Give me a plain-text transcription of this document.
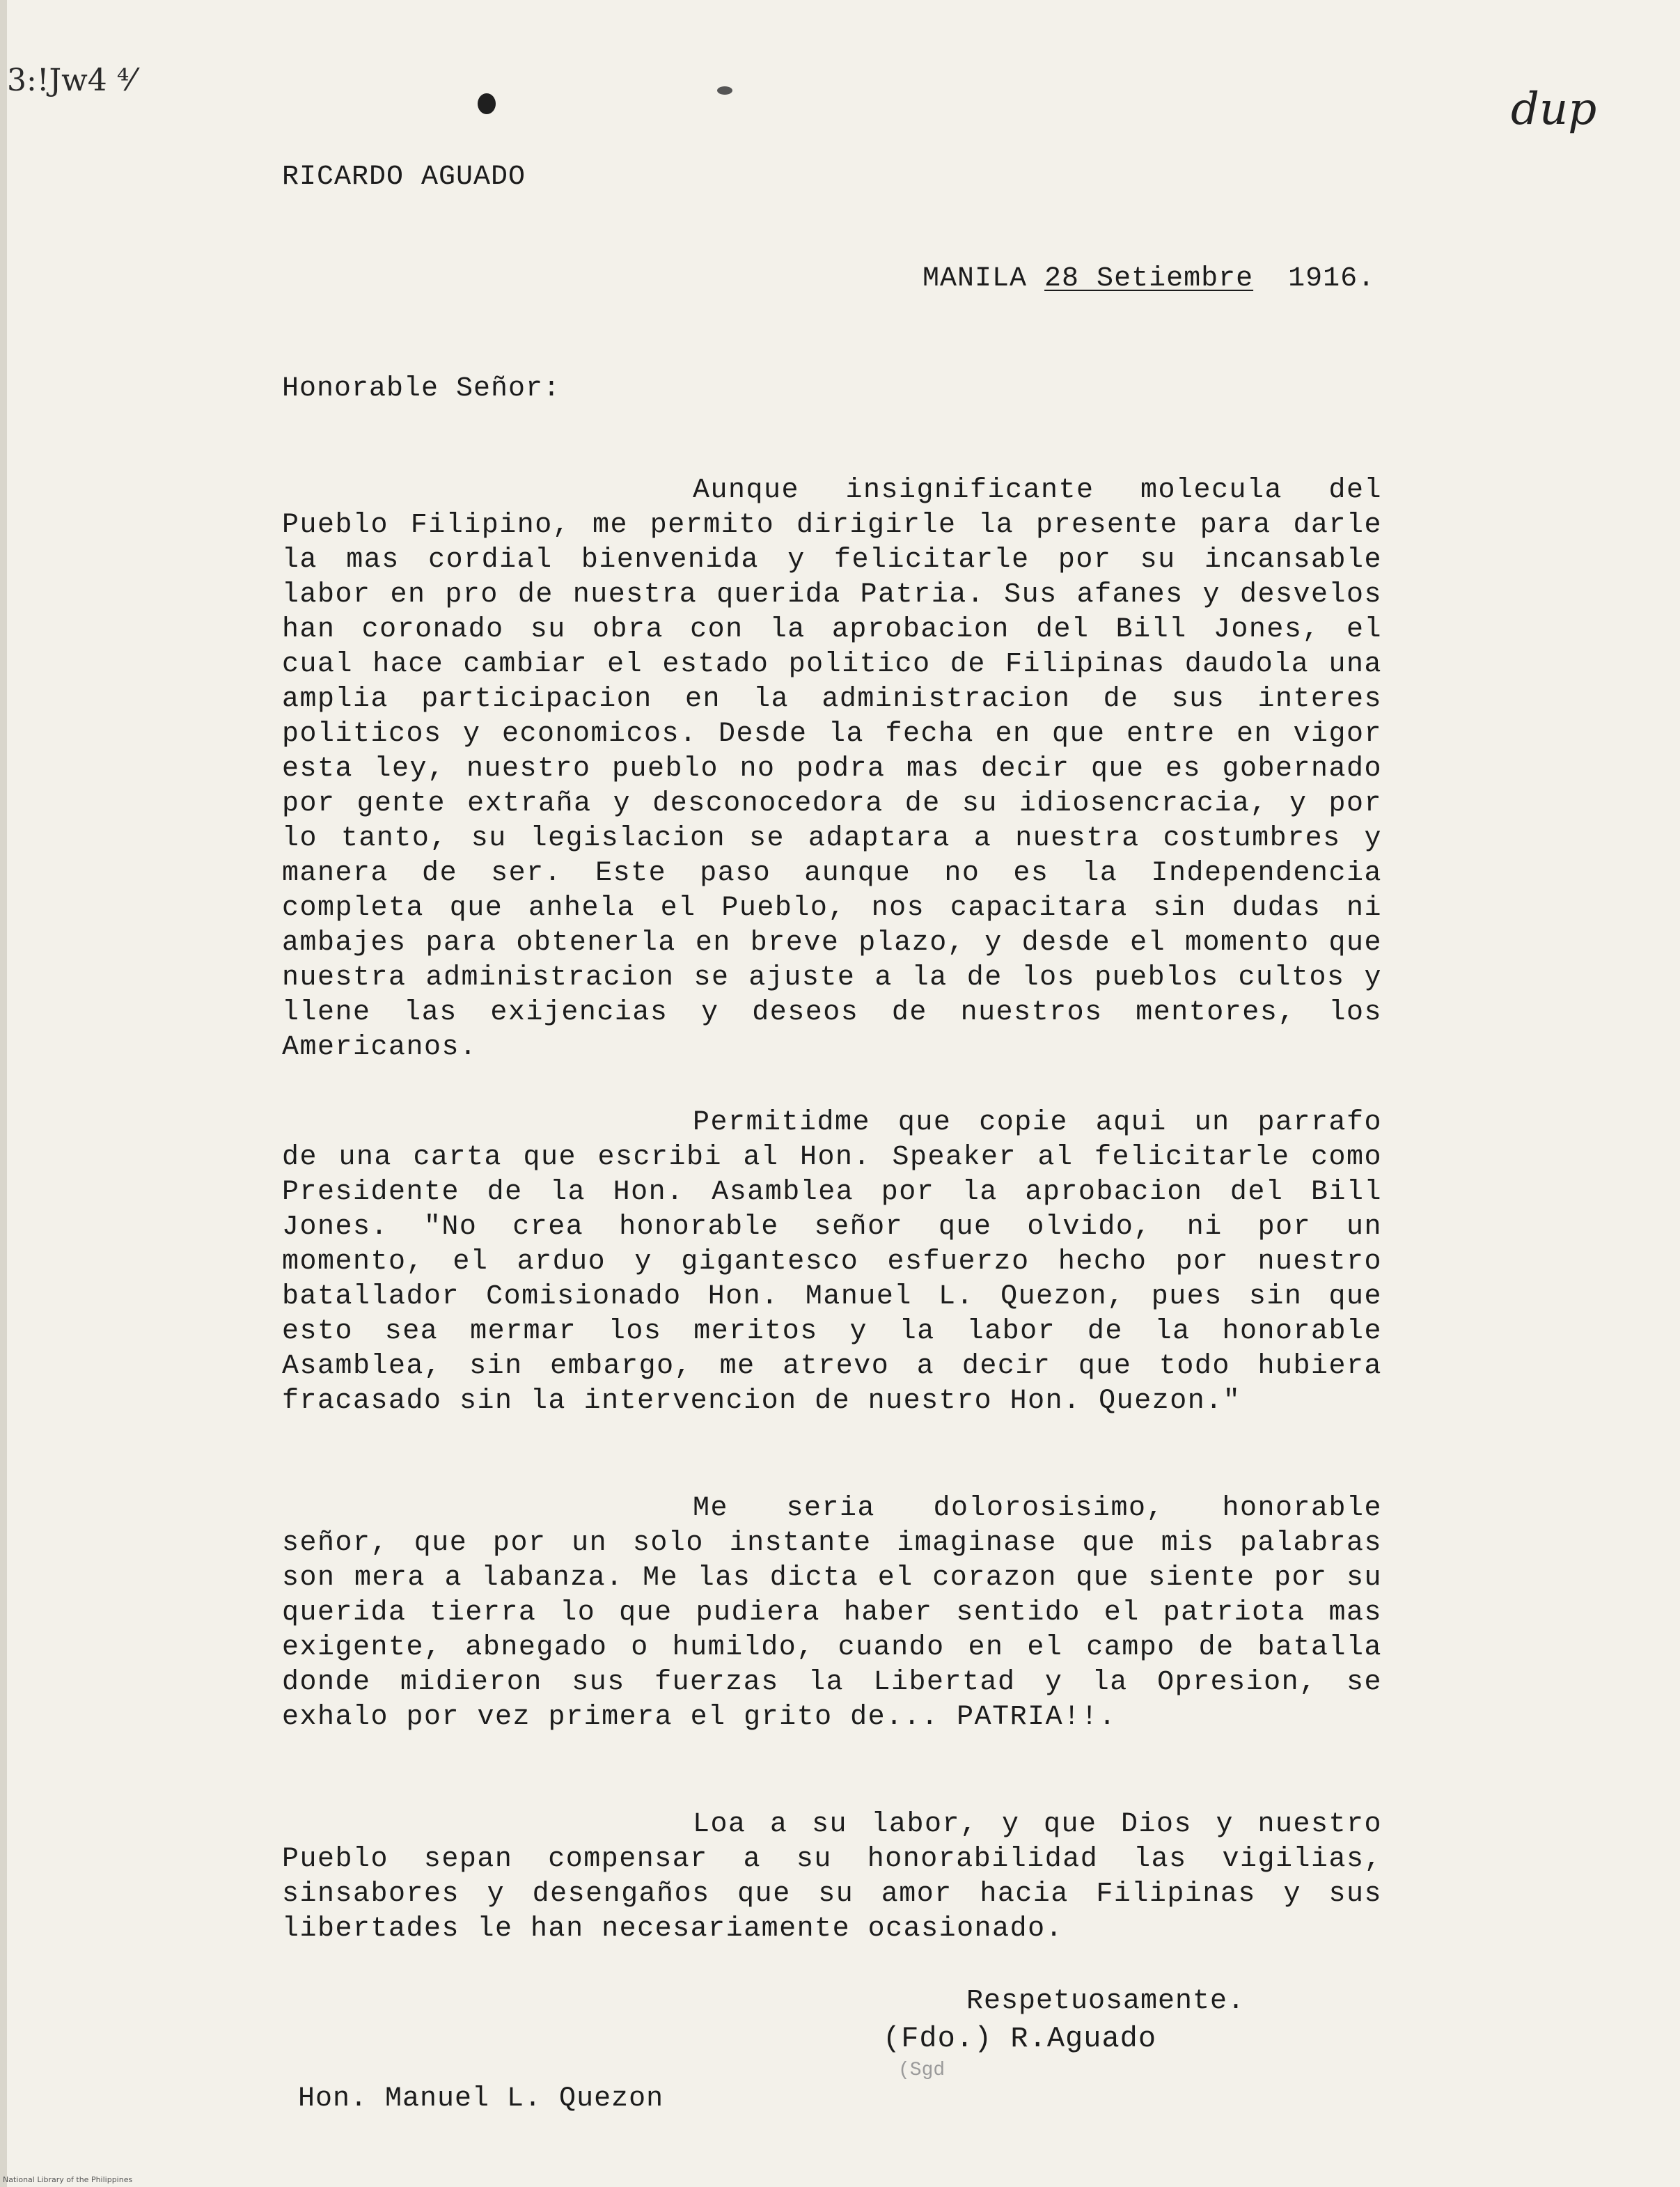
3:!Jw4 ⁴⁄
dup
RICARDO AGUADO
MANILA 28 Setiembre 1916.
Honorable Señor:

Aunque insignificante molecula del Pueblo Filipino, me permito dirigirle la presente para darle la mas cordial bienvenida y felicitarle por su incansable labor en pro de nuestra querida Patria. Sus afanes y desvelos han coronado su obra con la aprobacion del Bill Jones, el cual hace cambiar el estado politico de Filipinas daudola una amplia participacion en la administracion de sus interes politicos y economicos. Desde la fecha en que entre en vigor esta ley, nuestro pueblo no podra mas decir que es gobernado por gente extraña y desconocedora de su idiosencracia, y por lo tanto, su legislacion se adaptara a nuestra costumbres y manera de ser. Este paso aunque no es la Independencia completa que anhela el Pueblo, nos capacitara sin dudas ni ambajes para obtenerla en breve plazo, y desde el momento que nuestra administracion se ajuste a la de los pueblos cultos y llene las exijencias y deseos de nuestros mentores, los Americanos.

Permitidme que copie aqui un parrafo de una carta que escribi al Hon. Speaker al felicitarle como Presidente de la Hon. Asamblea por la aprobacion del Bill Jones. "No crea honorable señor que olvido, ni por un momento, el arduo y gigantesco esfuerzo hecho por nuestro batallador Comisionado Hon. Manuel L. Quezon, pues sin que esto sea mermar los meritos y la labor de la honorable Asamblea, sin embargo, me atrevo a decir que todo hubiera fracasado sin la intervencion de nuestro Hon. Quezon."

Me seria dolorosisimo, honorable señor, que por un solo instante imaginase que mis palabras son mera a labanza. Me las dicta el corazon que siente por su querida tierra lo que pudiera haber sentido el patriota mas exigente, abnegado o humildo, cuando en el campo de batalla donde midieron sus fuerzas la Libertad y la Opresion, se exhalo por vez primera el grito de... PATRIA!!.

Loa a su labor, y que Dios y nuestro Pueblo sepan compensar a su honorabilidad las vigilias, sinsabores y desengaños que su amor hacia Filipinas y sus libertades le han necesariamente ocasionado.

Respetuosamente.
(Fdo.) R.Aguado
(Sgd
Hon. Manuel L. Quezon
National Library of the Philippines
